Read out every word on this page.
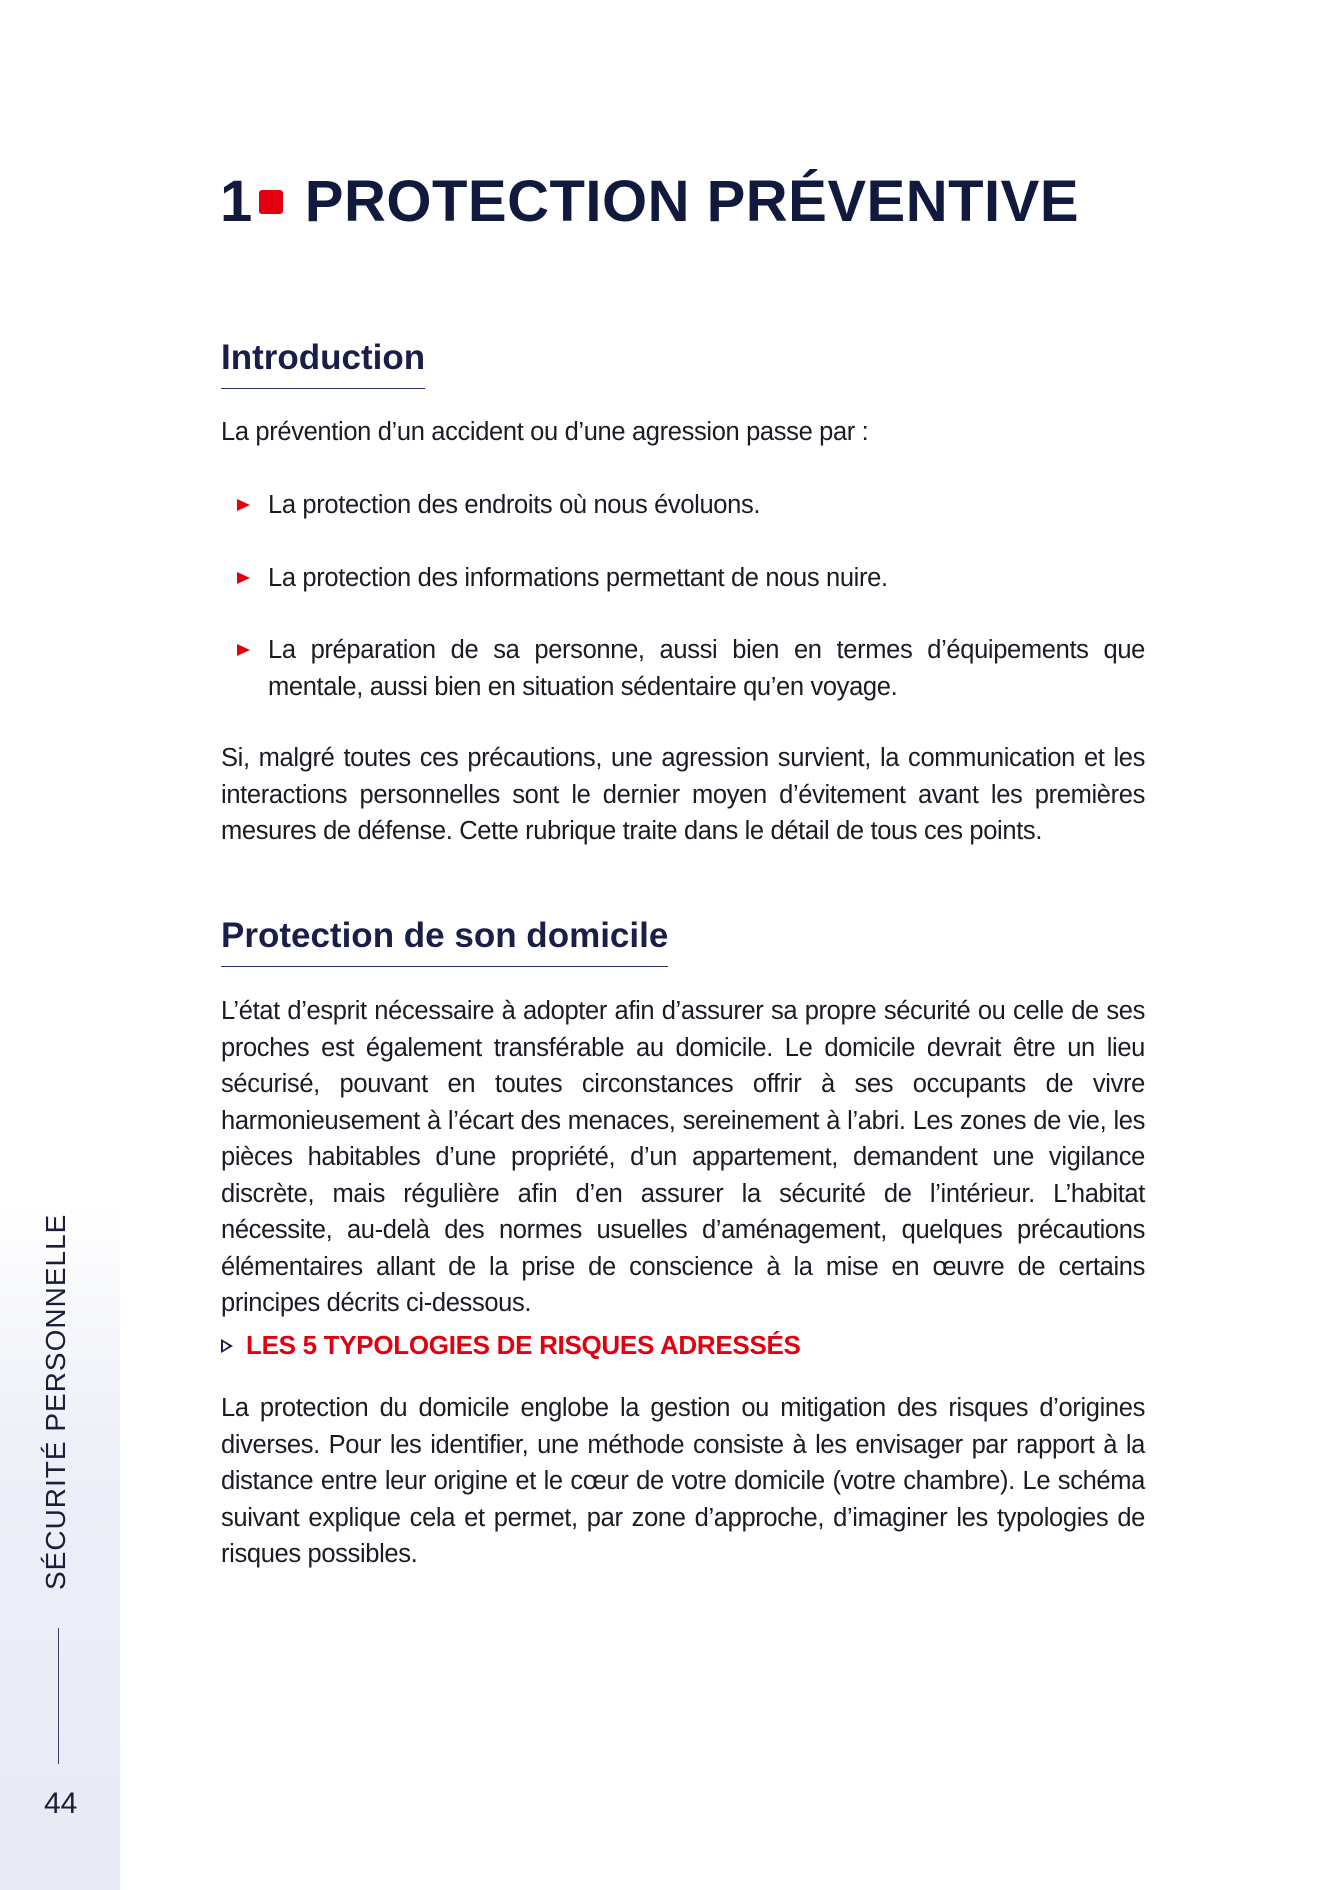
SÉCURITÉ PERSONNELLE
44
1 PROTECTION PRÉVENTIVE
Introduction

La prévention d’un accident ou d’une agression passe par :

La protection des endroits où nous évoluons.
La protection des informations permettant de nous nuire.
La préparation de sa personne, aussi bien en termes d’équipements que mentale, aussi bien en situation sédentaire qu’en voyage.

Si, malgré toutes ces précautions, une agression survient, la communication et les interactions personnelles sont le dernier moyen d’évitement avant les premières mesures de défense. Cette rubrique traite dans le détail de tous ces points.

Protection de son domicile

L’état d’esprit nécessaire à adopter afin d’assurer sa propre sécurité ou celle de ses proches est également transférable au domicile. Le domicile devrait être un lieu sécurisé, pouvant en toutes circonstances offrir à ses occupants de vivre harmonieusement à l’écart des menaces, sereinement à l’abri. Les zones de vie, les pièces habitables d’une propriété, d’un appartement, demandent une vigilance discrète, mais régulière afin d’en assurer la sécurité de l’intérieur. L’habitat nécessite, au-delà des normes usuelles d’aménagement, quelques précautions élémentaires allant de la prise de conscience à la mise en œuvre de certains principes décrits ci-dessous.

LES 5 TYPOLOGIES DE RISQUES ADRESSÉS

La protection du domicile englobe la gestion ou mitigation des risques d’origines diverses. Pour les identifier, une méthode consiste à les envisager par rapport à la distance entre leur origine et le cœur de votre domicile (votre chambre). Le schéma suivant explique cela et permet, par zone d’approche, d’imaginer les typologies de risques possibles.
